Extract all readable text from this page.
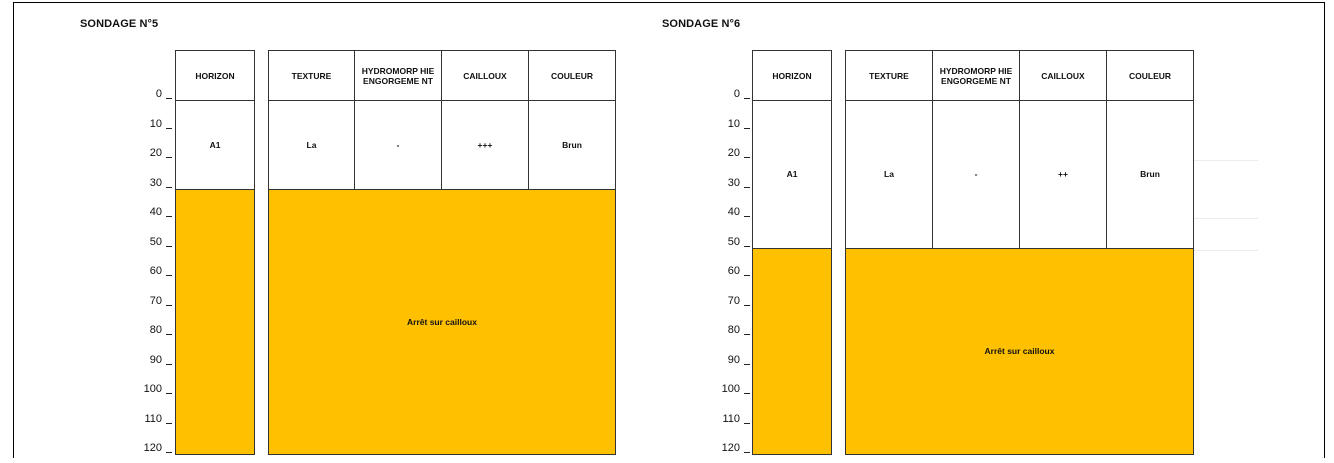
SONDAGE N°5
HORIZON	TEXTURE	HYDROMORP HIE ENGORGEME NT	CAILLOUX	COULEUR
A1	La	-	+++	Brun
Arrêt sur cailloux
0
10
20
30
40
50
60
70
80
90
100
110
120
SONDAGE N°6
HORIZON	TEXTURE	HYDROMORP HIE ENGORGEME NT	CAILLOUX	COULEUR
A1	La	-	++	Brun
Arrêt sur cailloux
0
10
20
30
40
50
60
70
80
90
100
110
120
